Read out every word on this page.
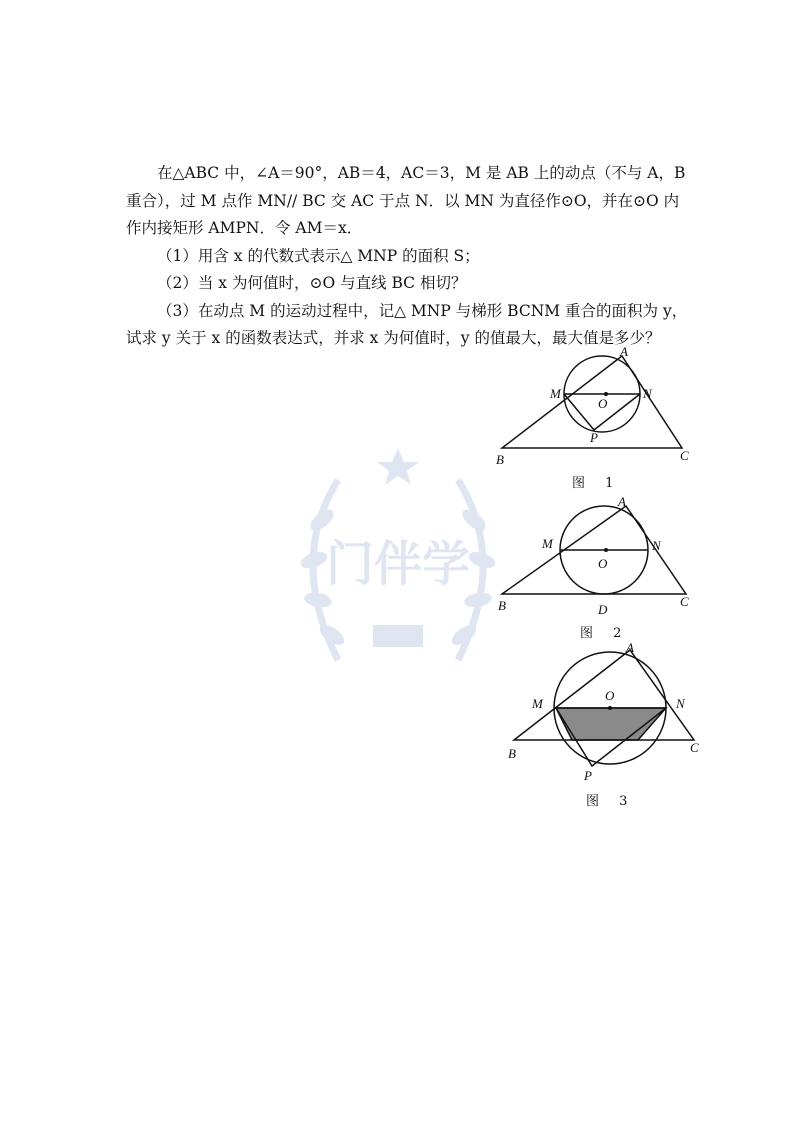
门伴学

在△ABC 中，∠A＝90°，AB＝4，AC＝3，M 是 AB 上的动点（不与 A，B 重合），过 M 点作 MN// BC 交 AC 于点 N．以 MN 为直径作⊙O，并在⊙O 内作内接矩形 AMPN．令 AM＝x．

（1）用含 x 的代数式表示△ MNP 的面积 S；

（2）当 x 为何值时，⊙O 与直线 BC 相切？

（3）在动点 M 的运动过程中，记△ MNP 与梯形 BCNM 重合的面积为 y，试求 y 关于 x 的函数表达式，并求 x 为何值时，y 的值最大，最大值是多少？

A
M	N
O
P
B	C
图 1
A
M	N
O
D
B	C
图 2
A
M	N
O
P
B	C
图 3
